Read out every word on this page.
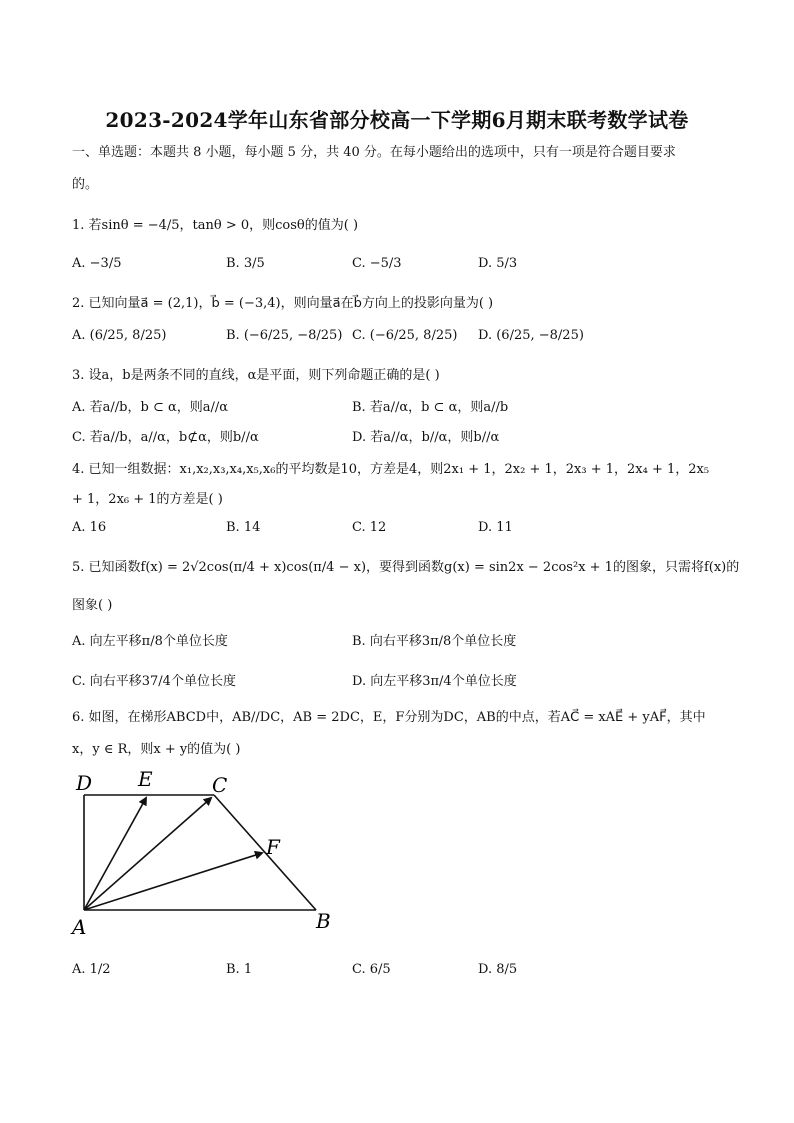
2023-2024学年山东省部分校高一下学期6月期末联考数学试卷
一、单选题：本题共 8 小题，每小题 5 分，共 40 分。在每小题给出的选项中，只有一项是符合题目要求
的。
1. 若sinθ = −4/5，tanθ > 0，则cosθ的值为( )
A. −3/5	B. 3/5	C. −5/3	D. 5/3
2. 已知向量a⃗ = (2,1)，b⃗ = (−3,4)，则向量a⃗在b⃗方向上的投影向量为( )
A. (6/25, 8/25)	B. (−6/25, −8/25) C. (−6/25, 8/25) D. (6/25, −8/25)
3. 设a，b是两条不同的直线，α是平面，则下列命题正确的是( )
A. 若a//b，b ⊂ α，则a//α	B. 若a//α，b ⊂ α，则a//b
C. 若a//b，a//α，b⊄α，则b//α	D. 若a//α，b//α，则b//α
4. 已知一组数据：x₁,x₂,x₃,x₄,x₅,x₆的平均数是10，方差是4，则2x₁ + 1，2x₂ + 1，2x₃ + 1，2x₄ + 1，2x₅
+ 1，2x₆ + 1的方差是( )
A. 16	B. 14	C. 12	D. 11
5. 已知函数f(x) = 2√2cos(π/4 + x)cos(π/4 − x)，要得到函数g(x) = sin2x − 2cos²x + 1的图象，只需将f(x)的
图象( )
A. 向左平移π/8个单位长度	B. 向右平移3π/8个单位长度
C. 向右平移37/4个单位长度	D. 向左平移3π/4个单位长度
6. 如图，在梯形ABCD中，AB//DC，AB = 2DC，E，F分别为DC，AB的中点，若AC⃗ = xAE⃗ + yAF⃗，其中
x，y ∈ R，则x + y的值为( )
D E	C
F
A	B
A. 1/2	B. 1	C. 6/5	D. 8/5
